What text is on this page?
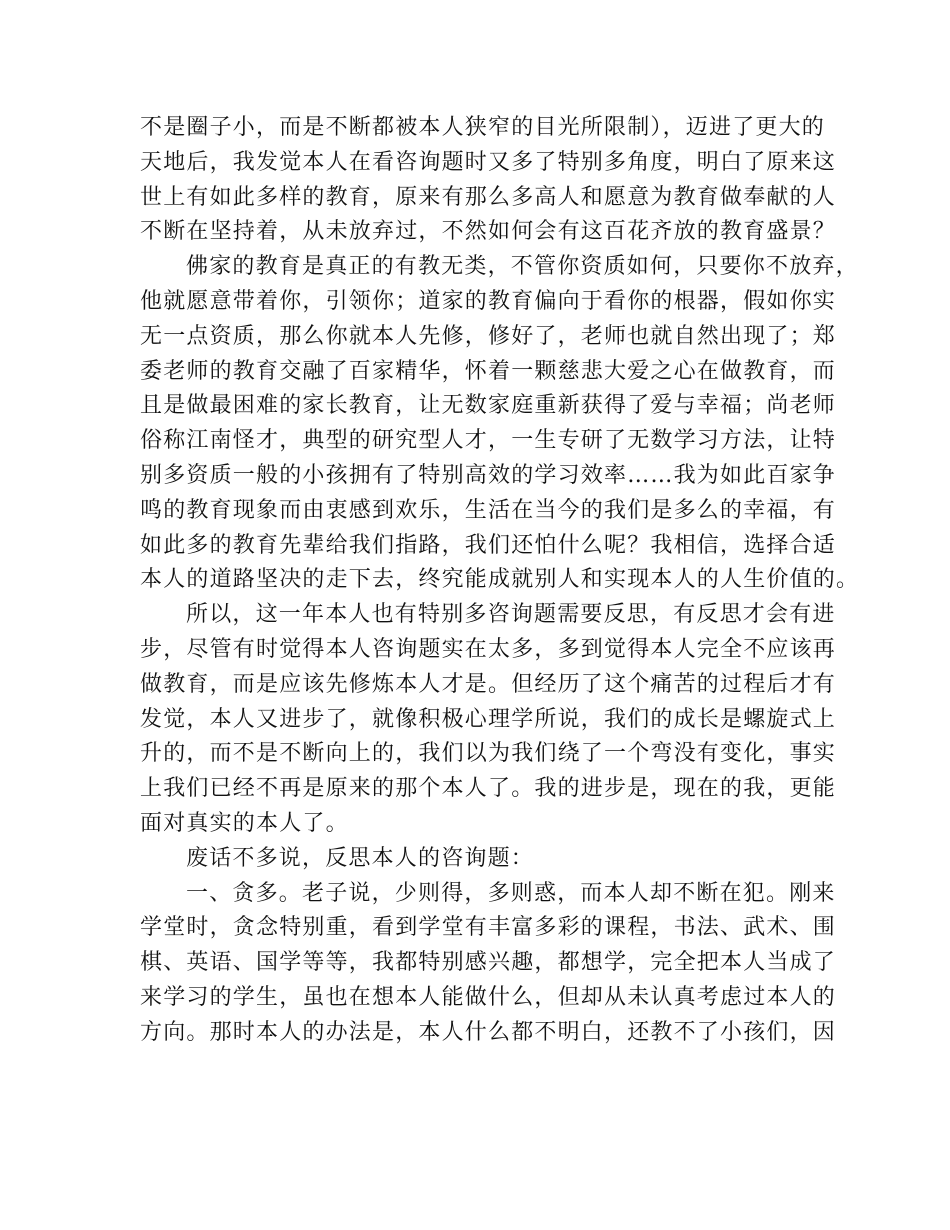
不是圈子小，而是不断都被本人狭窄的目光所限制），迈进了更大的
天地后，我发觉本人在看咨询题时又多了特别多角度，明白了原来这
世上有如此多样的教育，原来有那么多高人和愿意为教育做奉献的人
不断在坚持着，从未放弃过，不然如何会有这百花齐放的教育盛景？
佛家的教育是真正的有教无类，不管你资质如何，只要你不放弃，
他就愿意带着你，引领你；道家的教育偏向于看你的根器，假如你实
无一点资质，那么你就本人先修，修好了，老师也就自然出现了；郑
委老师的教育交融了百家精华，怀着一颗慈悲大爱之心在做教育，而
且是做最困难的家长教育，让无数家庭重新获得了爱与幸福；尚老师
俗称江南怪才，典型的研究型人才，一生专研了无数学习方法，让特
别多资质一般的小孩拥有了特别高效的学习效率……我为如此百家争
鸣的教育现象而由衷感到欢乐，生活在当今的我们是多么的幸福，有
如此多的教育先辈给我们指路，我们还怕什么呢？我相信，选择合适
本人的道路坚决的走下去，终究能成就别人和实现本人的人生价值的。
所以，这一年本人也有特别多咨询题需要反思，有反思才会有进
步，尽管有时觉得本人咨询题实在太多，多到觉得本人完全不应该再
做教育，而是应该先修炼本人才是。但经历了这个痛苦的过程后才有
发觉，本人又进步了，就像积极心理学所说，我们的成长是螺旋式上
升的，而不是不断向上的，我们以为我们绕了一个弯没有变化，事实
上我们已经不再是原来的那个本人了。我的进步是，现在的我，更能
面对真实的本人了。
废话不多说，反思本人的咨询题：
一、贪多。老子说，少则得，多则惑，而本人却不断在犯。刚来
学堂时，贪念特别重，看到学堂有丰富多彩的课程，书法、武术、围
棋、英语、国学等等，我都特别感兴趣，都想学，完全把本人当成了
来学习的学生，虽也在想本人能做什么，但却从未认真考虑过本人的
方向。那时本人的办法是，本人什么都不明白，还教不了小孩们，因
